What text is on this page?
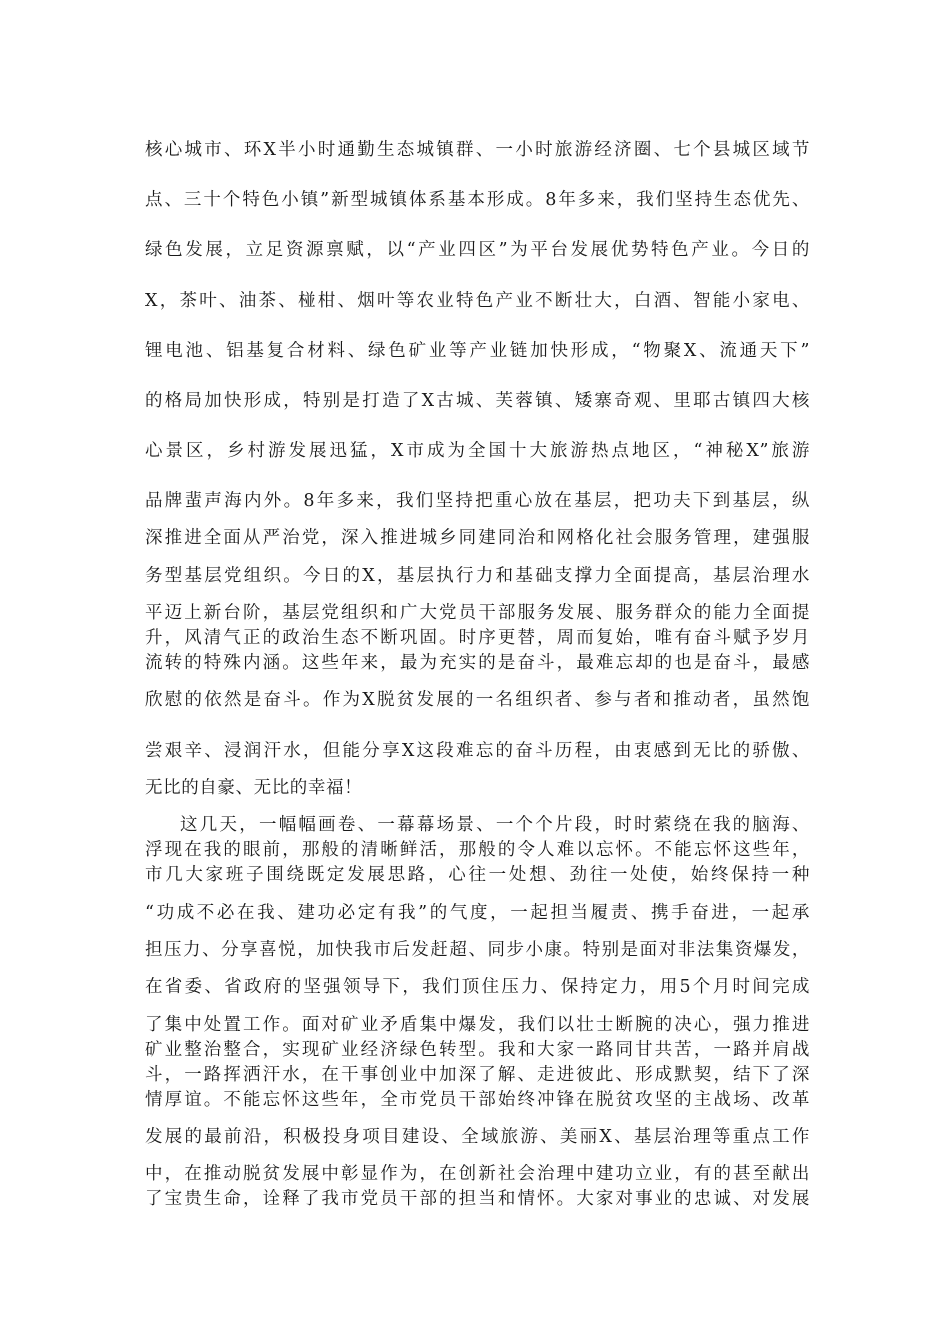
核心城市、环X半小时通勤生态城镇群、一小时旅游经济圈、七个县城区域节
点、三十个特色小镇”新型城镇体系基本形成。8年多来，我们坚持生态优先、
绿色发展，立足资源禀赋，以“产业四区”为平台发展优势特色产业。今日的
X，茶叶、油茶、椪柑、烟叶等农业特色产业不断壮大，白酒、智能小家电、
锂电池、铝基复合材料、绿色矿业等产业链加快形成，“物聚X、流通天下”
的格局加快形成，特别是打造了X古城、芙蓉镇、矮寨奇观、里耶古镇四大核
心景区，乡村游发展迅猛，X市成为全国十大旅游热点地区，“神秘X”旅游
品牌蜚声海内外。8年多来，我们坚持把重心放在基层，把功夫下到基层，纵
深推进全面从严治党，深入推进城乡同建同治和网格化社会服务管理，建强服
务型基层党组织。今日的X，基层执行力和基础支撑力全面提高，基层治理水
平迈上新台阶，基层党组织和广大党员干部服务发展、服务群众的能力全面提
升，风清气正的政治生态不断巩固。时序更替，周而复始，唯有奋斗赋予岁月
流转的特殊内涵。这些年来，最为充实的是奋斗，最难忘却的也是奋斗，最感
欣慰的依然是奋斗。作为X脱贫发展的一名组织者、参与者和推动者，虽然饱
尝艰辛、浸润汗水，但能分享X这段难忘的奋斗历程，由衷感到无比的骄傲、
无比的自豪、无比的幸福！
这几天，一幅幅画卷、一幕幕场景、一个个片段，时时萦绕在我的脑海、
浮现在我的眼前，那般的清晰鲜活，那般的令人难以忘怀。不能忘怀这些年，
市几大家班子围绕既定发展思路，心往一处想、劲往一处使，始终保持一种
“功成不必在我、建功必定有我”的气度，一起担当履责、携手奋进，一起承
担压力、分享喜悦，加快我市后发赶超、同步小康。特别是面对非法集资爆发，
在省委、省政府的坚强领导下，我们顶住压力、保持定力，用5个月时间完成
了集中处置工作。面对矿业矛盾集中爆发，我们以壮士断腕的决心，强力推进
矿业整治整合，实现矿业经济绿色转型。我和大家一路同甘共苦，一路并肩战
斗，一路挥洒汗水，在干事创业中加深了解、走进彼此、形成默契，结下了深
情厚谊。不能忘怀这些年，全市党员干部始终冲锋在脱贫攻坚的主战场、改革
发展的最前沿，积极投身项目建设、全域旅游、美丽X、基层治理等重点工作
中，在推动脱贫发展中彰显作为，在创新社会治理中建功立业，有的甚至献出
了宝贵生命，诠释了我市党员干部的担当和情怀。大家对事业的忠诚、对发展
